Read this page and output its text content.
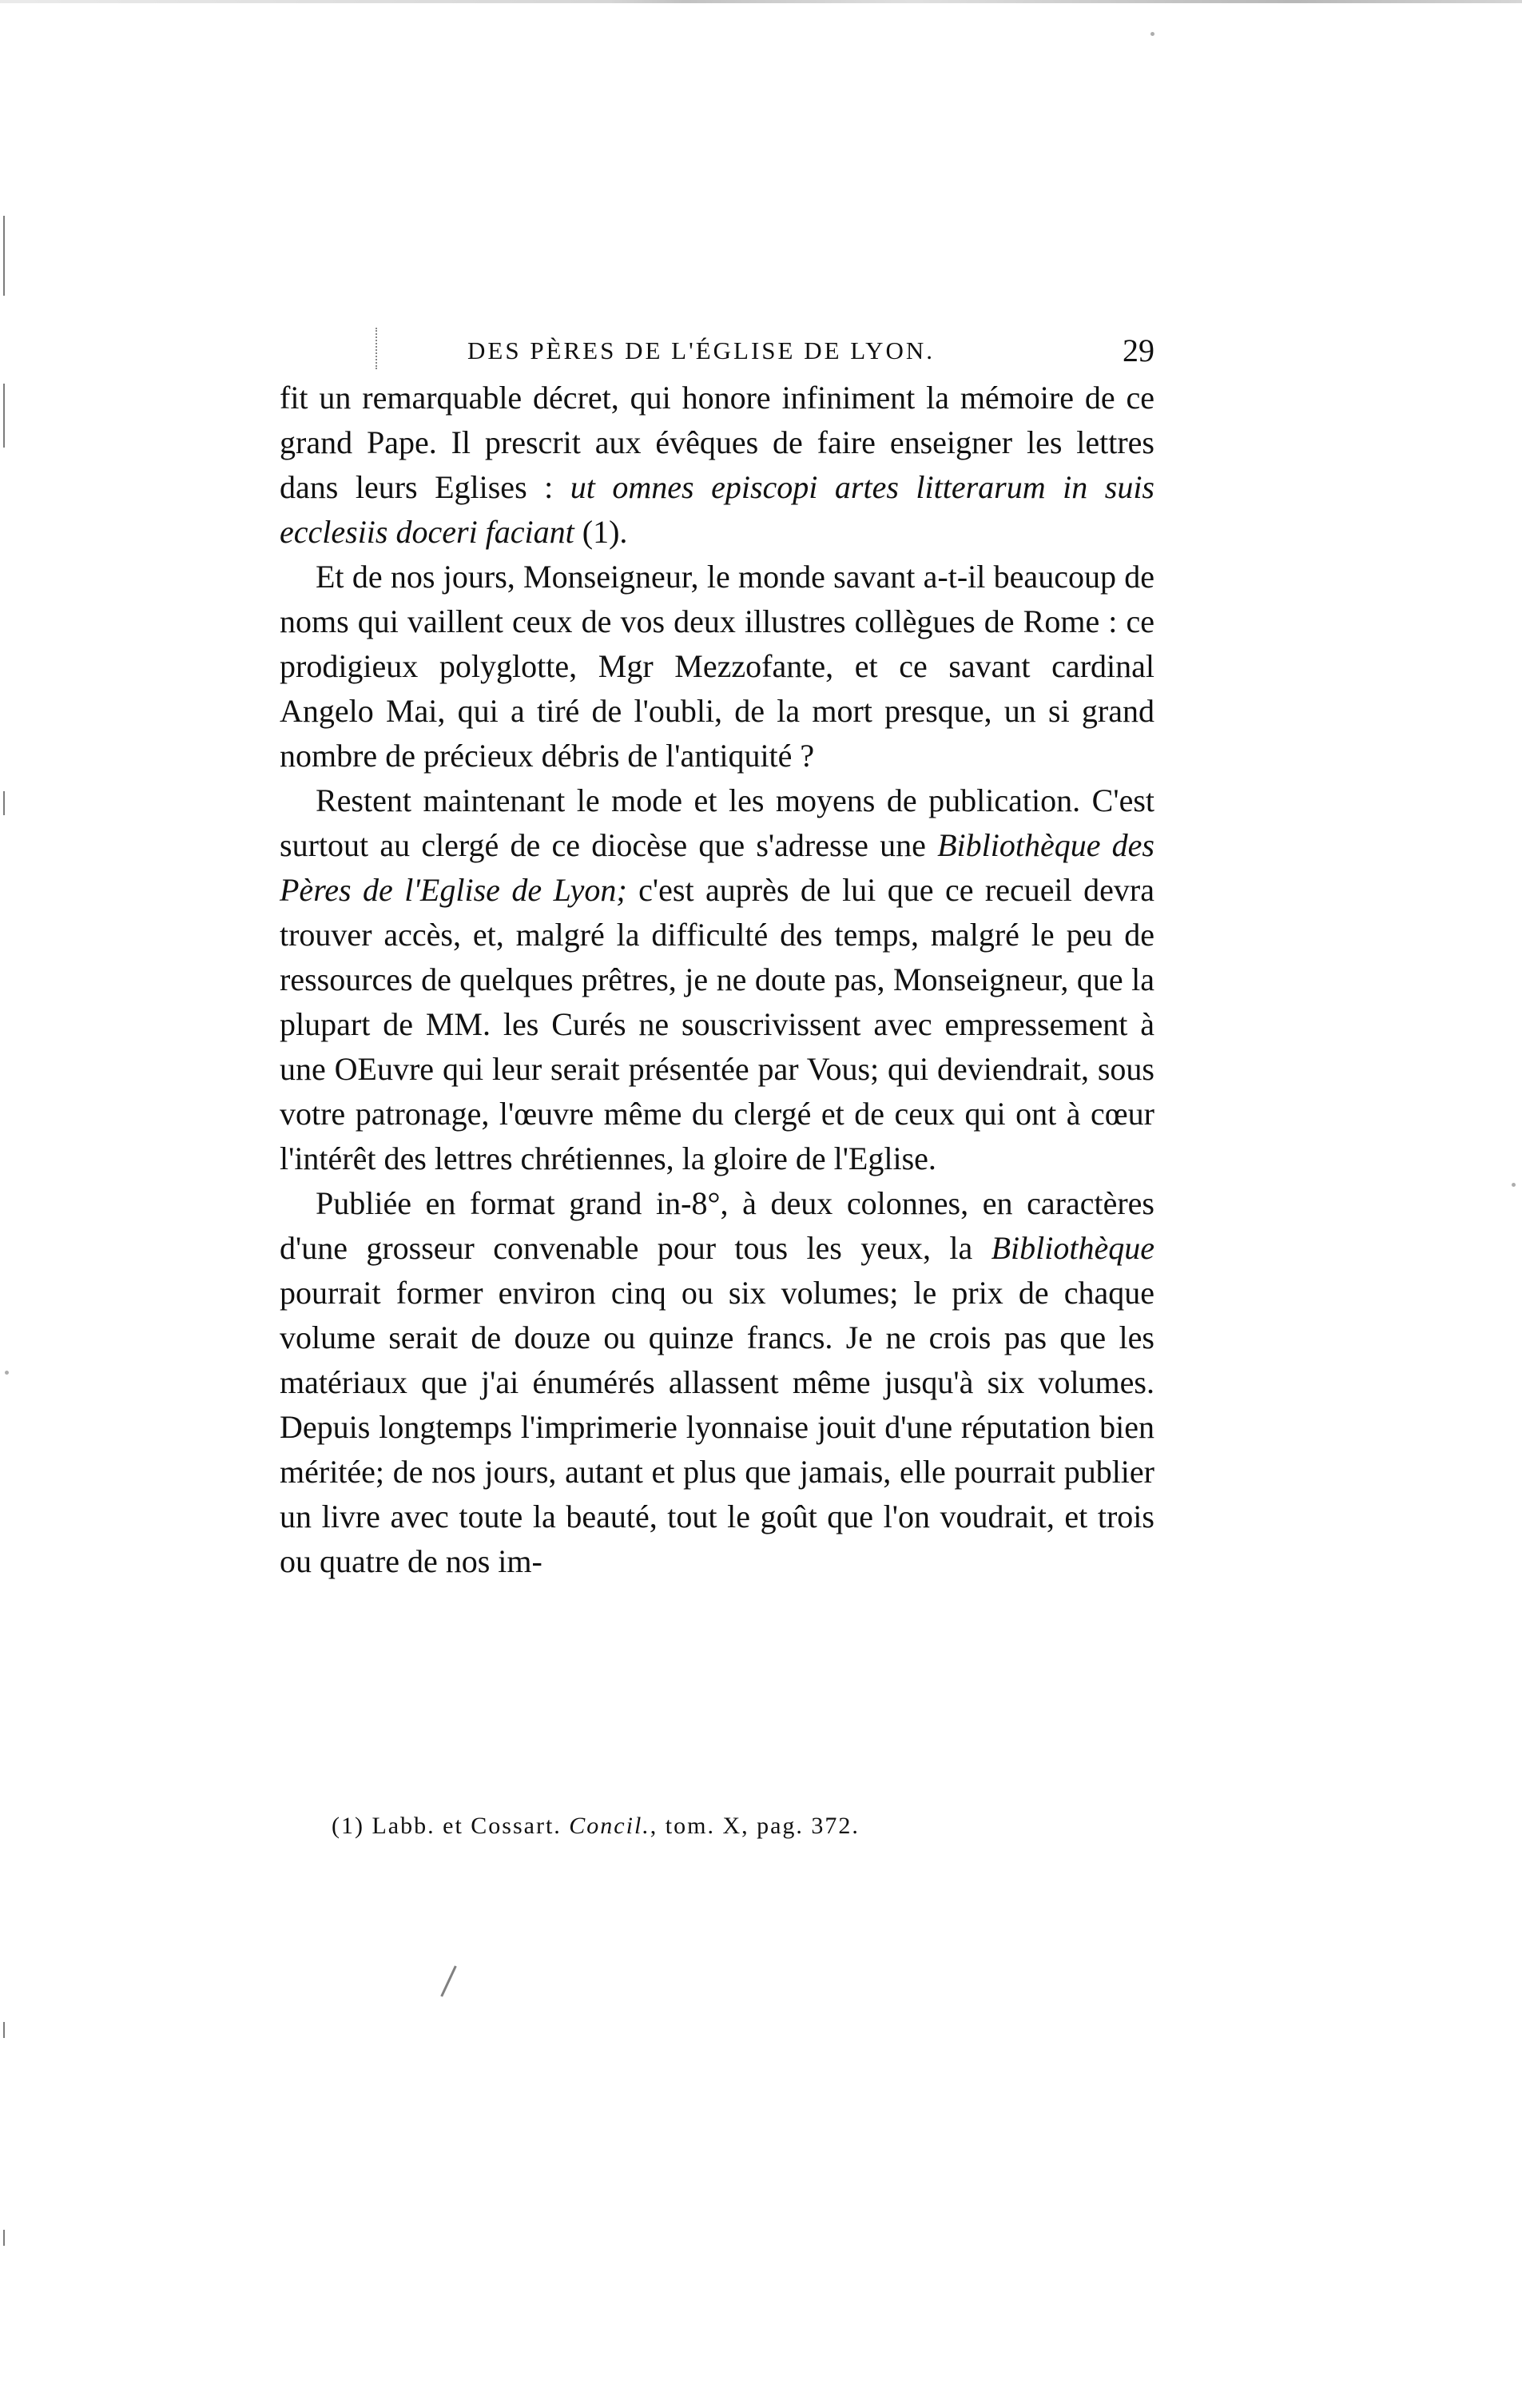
DES PÈRES DE L'ÉGLISE DE LYON.	29

fit un remarquable décret, qui honore infiniment la mémoire de ce grand Pape. Il prescrit aux évêques de faire enseigner les lettres dans leurs Eglises : ut omnes episcopi artes litterarum in suis ecclesiis doceri faciant (1).

Et de nos jours, Monseigneur, le monde savant a-t-il beaucoup de noms qui vaillent ceux de vos deux illustres collègues de Rome : ce prodigieux polyglotte, Mgr Mezzofante, et ce savant cardinal Angelo Mai, qui a tiré de l'oubli, de la mort presque, un si grand nombre de précieux débris de l'antiquité ?

Restent maintenant le mode et les moyens de publication. C'est surtout au clergé de ce diocèse que s'adresse une Bibliothèque des Pères de l'Eglise de Lyon; c'est auprès de lui que ce recueil devra trouver accès, et, malgré la difficulté des temps, malgré le peu de ressources de quelques prêtres, je ne doute pas, Monseigneur, que la plupart de MM. les Curés ne souscrivissent avec empressement à une OEuvre qui leur serait présentée par Vous; qui deviendrait, sous votre patronage, l'œuvre même du clergé et de ceux qui ont à cœur l'intérêt des lettres chrétiennes, la gloire de l'Eglise.

Publiée en format grand in-8°, à deux colonnes, en caractères d'une grosseur convenable pour tous les yeux, la Bibliothèque pourrait former environ cinq ou six volumes; le prix de chaque volume serait de douze ou quinze francs. Je ne crois pas que les matériaux que j'ai énumérés allassent même jusqu'à six volumes. Depuis longtemps l'imprimerie lyonnaise jouit d'une réputation bien méritée; de nos jours, autant et plus que jamais, elle pourrait publier un livre avec toute la beauté, tout le goût que l'on voudrait, et trois ou quatre de nos im-

(1) Labb. et Cossart. Concil., tom. X, pag. 372.
